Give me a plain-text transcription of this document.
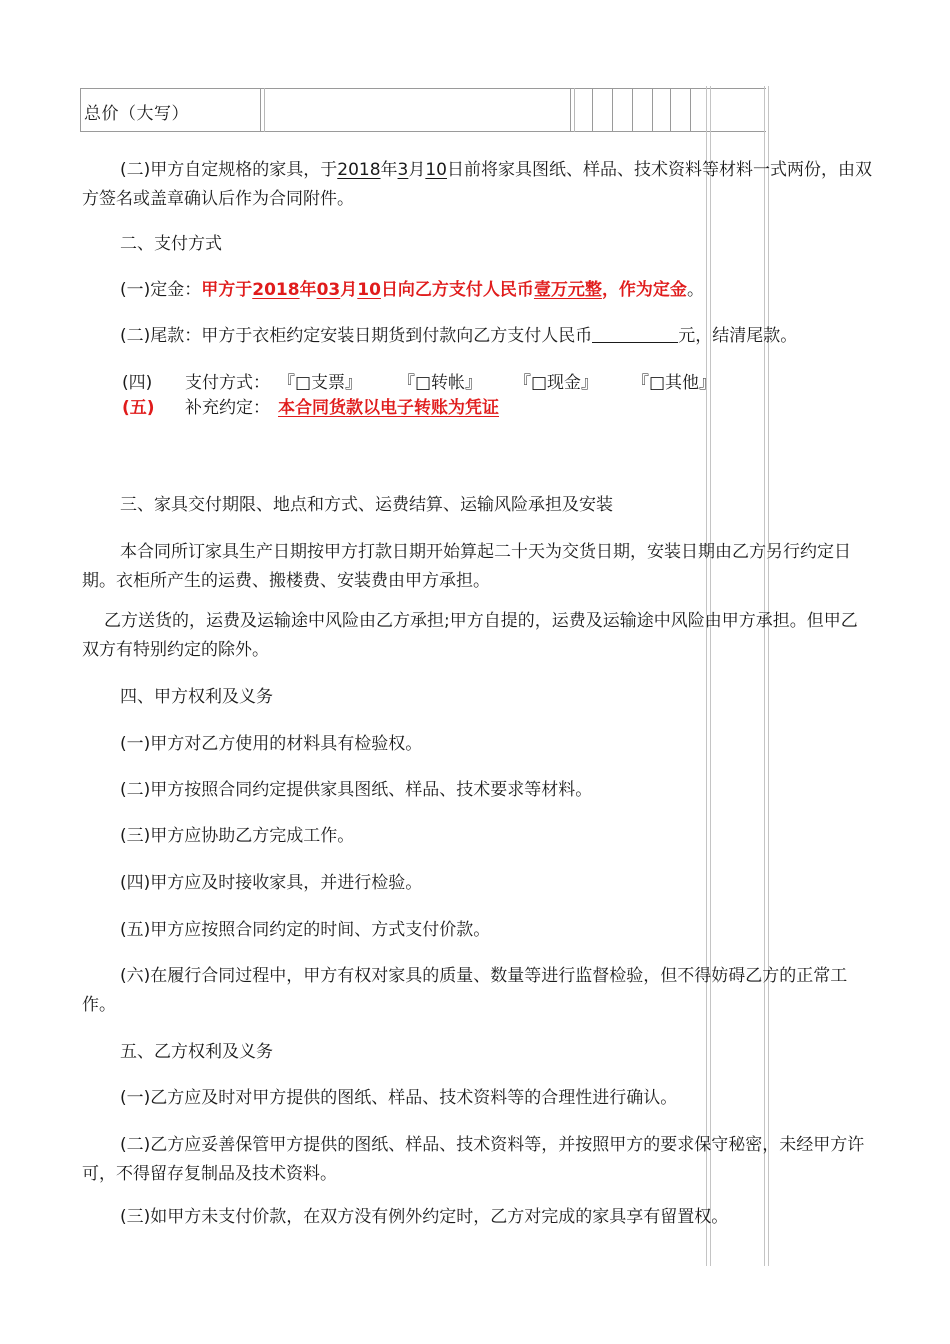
总价（大写）

(二)甲方自定规格的家具，于2018年3月10日前将家具图纸、样品、技术资料等材料一式两份，由双方签名或盖章确认后作为合同附件。

二、支付方式

(一)定金：甲方于2018年03月10日向乙方支付人民币壹万元整，作为定金。

(二)尾款：甲方于衣柜约定安装日期货到付款向乙方支付人民币	元，结清尾款。

(四) 支付方式： 『□支票』 『□转帐』 『□现金』 『□其他』
(五) 补充约定： 本合同货款以电子转账为凭证

三、家具交付期限、地点和方式、运费结算、运输风险承担及安装

本合同所订家具生产日期按甲方打款日期开始算起二十天为交货日期，安装日期由乙方另行约定日期。衣柜所产生的运费、搬楼费、安装费由甲方承担。

乙方送货的，运费及运输途中风险由乙方承担;甲方自提的，运费及运输途中风险由甲方承担。但甲乙双方有特别约定的除外。

四、甲方权利及义务

(一)甲方对乙方使用的材料具有检验权。

(二)甲方按照合同约定提供家具图纸、样品、技术要求等材料。

(三)甲方应协助乙方完成工作。

(四)甲方应及时接收家具，并进行检验。

(五)甲方应按照合同约定的时间、方式支付价款。

(六)在履行合同过程中，甲方有权对家具的质量、数量等进行监督检验，但不得妨碍乙方的正常工作。

五、乙方权利及义务

(一)乙方应及时对甲方提供的图纸、样品、技术资料等的合理性进行确认。

(二)乙方应妥善保管甲方提供的图纸、样品、技术资料等，并按照甲方的要求保守秘密，未经甲方许可，不得留存复制品及技术资料。

(三)如甲方未支付价款，在双方没有例外约定时，乙方对完成的家具享有留置权。
